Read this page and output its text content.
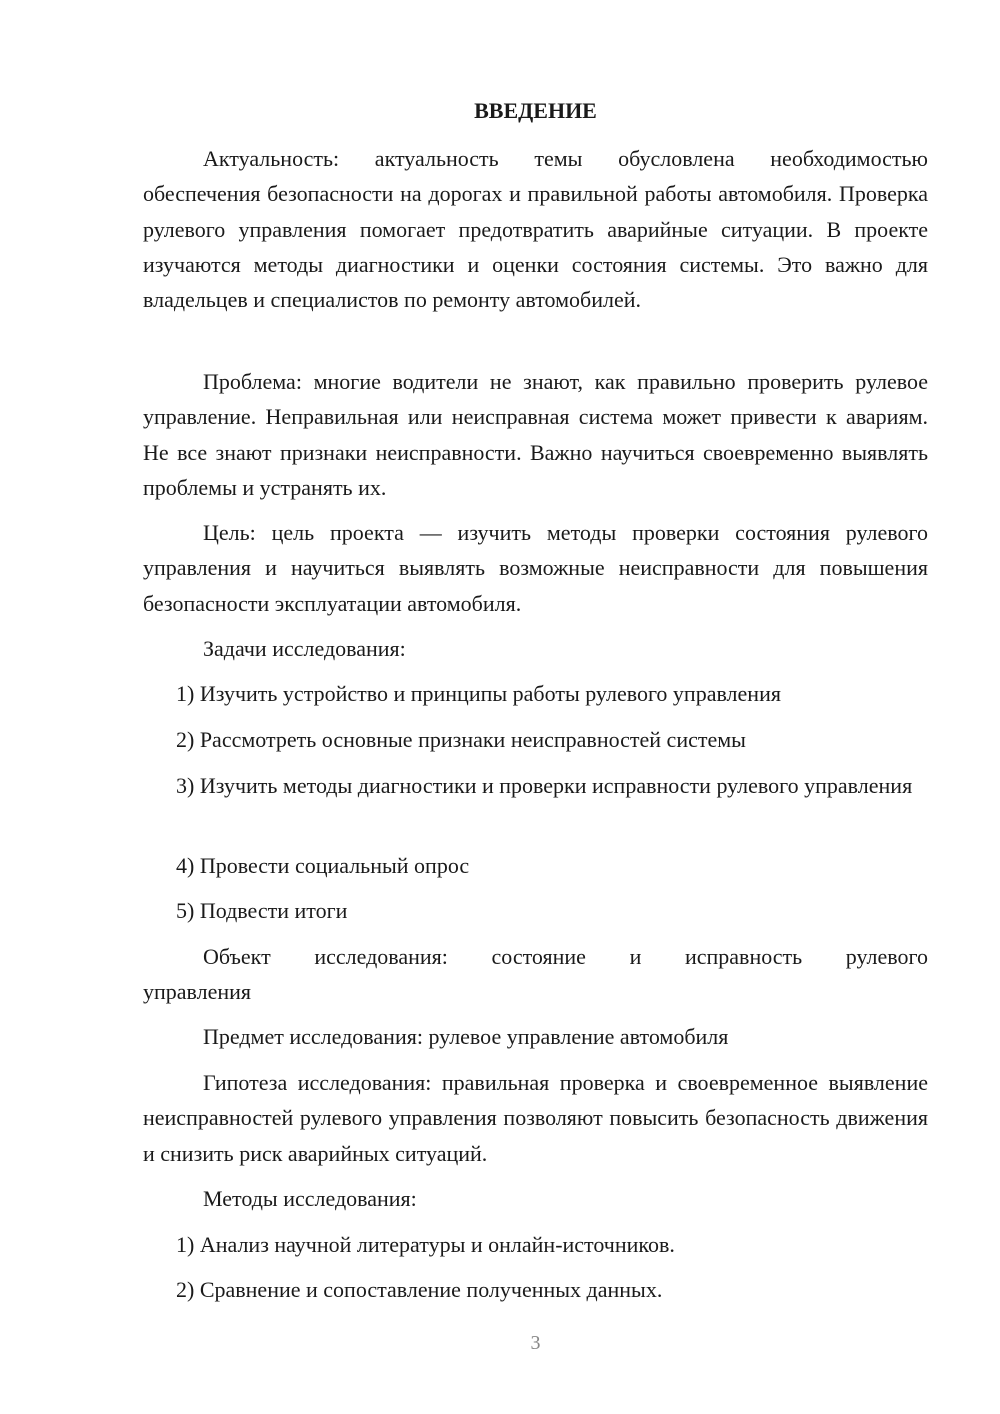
ВВЕДЕНИЕ

Актуальность: актуальность темы обусловлена необходимостью обеспечения безопасности на дорогах и правильной работы автомобиля. Проверка рулевого управления помогает предотвратить аварийные ситуации. В проекте изучаются методы диагностики и оценки состояния системы. Это важно для владельцев и специалистов по ремонту автомобилей.

Проблема: многие водители не знают, как правильно проверить рулевое управление. Неправильная или неисправная система может привести к авариям. Не все знают признаки неисправности. Важно научиться своевременно выявлять проблемы и устранять их.

Цель: цель проекта — изучить методы проверки состояния рулевого управления и научиться выявлять возможные неисправности для повышения безопасности эксплуатации автомобиля.

Задачи исследования:

1) Изучить устройство и принципы работы рулевого управления

2) Рассмотреть основные признаки неисправностей системы

3) Изучить методы диагностики и проверки исправности рулевого управления

4) Провести социальный опрос

5) Подвести итоги

Объект исследования: состояние и исправность рулевого

управления

Предмет исследования: рулевое управление автомобиля

Гипотеза исследования: правильная проверка и своевременное выявление неисправностей рулевого управления позволяют повысить безопасность движения и снизить риск аварийных ситуаций.

Методы исследования:

1) Анализ научной литературы и онлайн-источников.

2) Сравнение и сопоставление полученных данных.

3
